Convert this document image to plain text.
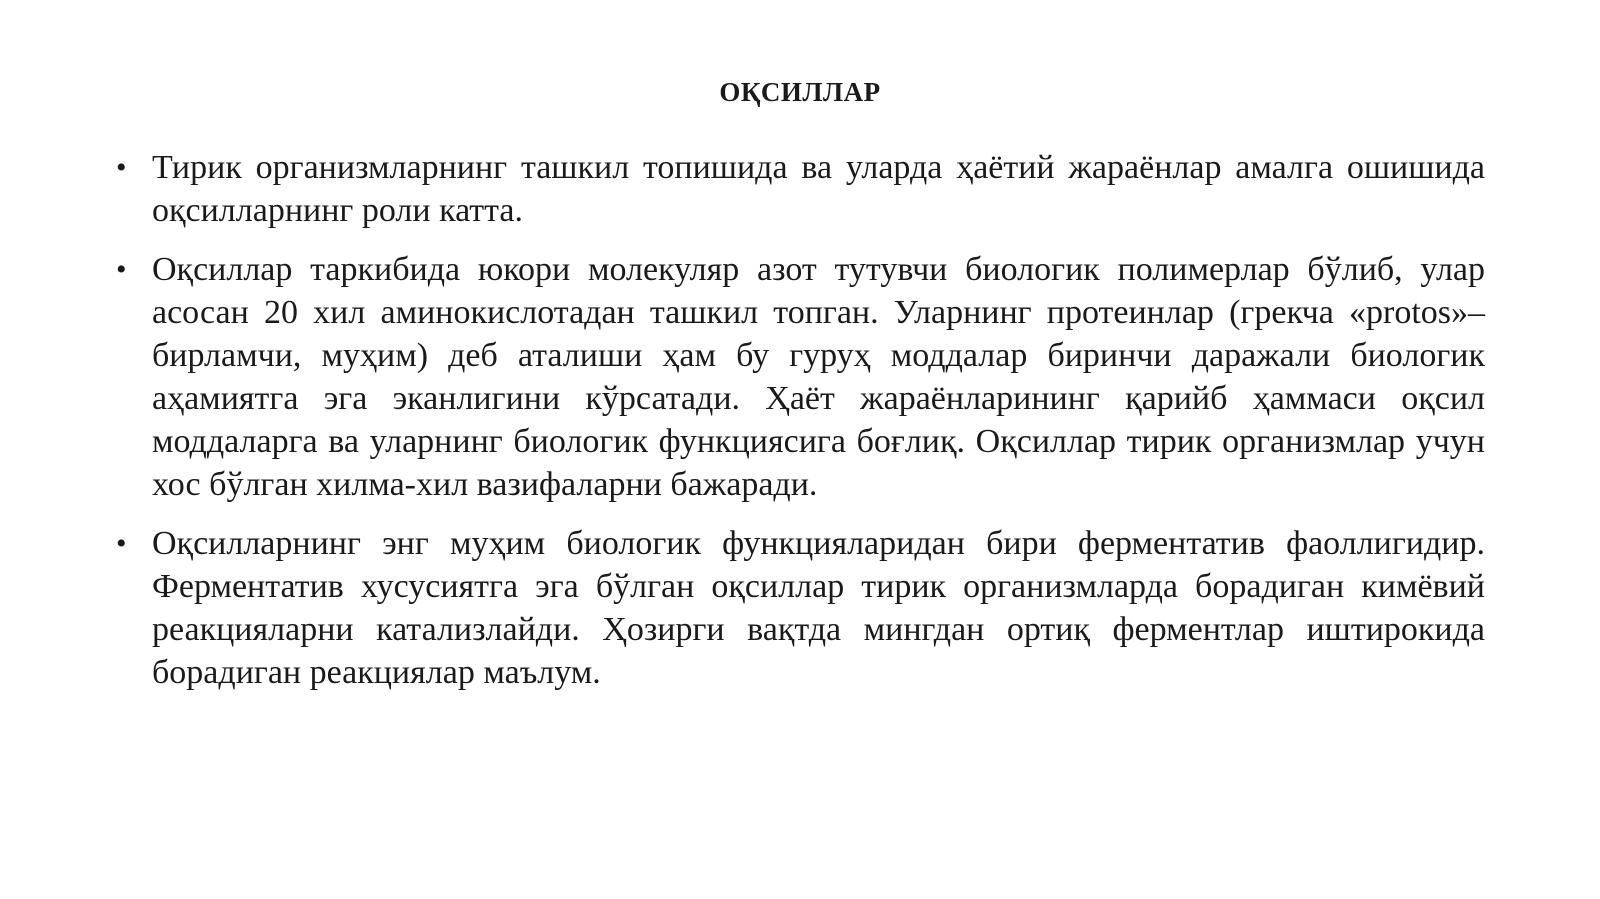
ОҚСИЛЛАР
• Тирик организмларнинг ташкил топишида ва уларда ҳаётий жараёнлар амалга ошишида оқсилларнинг роли катта.
• Оқсиллар таркибида юкори молекуляр азот тутувчи биологик полимерлар бўлиб, улар асосан 20 хил аминокислотадан ташкил топган. Уларнинг протеинлар (грекча «protos»–бирламчи, муҳим) деб аталиши ҳам бу гуруҳ моддалар биринчи даражали биологик аҳамиятга эга эканлигини кўрсатади. Ҳаёт жараёнларининг қарийб ҳаммаси оқсил моддаларга ва уларнинг биологик функциясига боғлиқ. Оқсиллар тирик организмлар учун хос бўлган хилма-хил вазифаларни бажаради.
• Оқсилларнинг энг муҳим биологик функцияларидан бири ферментатив фаоллигидир. Ферментатив хусусиятга эга бўлган оқсиллар тирик организмларда борадиган кимёвий реакцияларни катализлайди. Ҳозирги вақтда мингдан ортиқ ферментлар иштирокида борадиган реакциялар маълум.
